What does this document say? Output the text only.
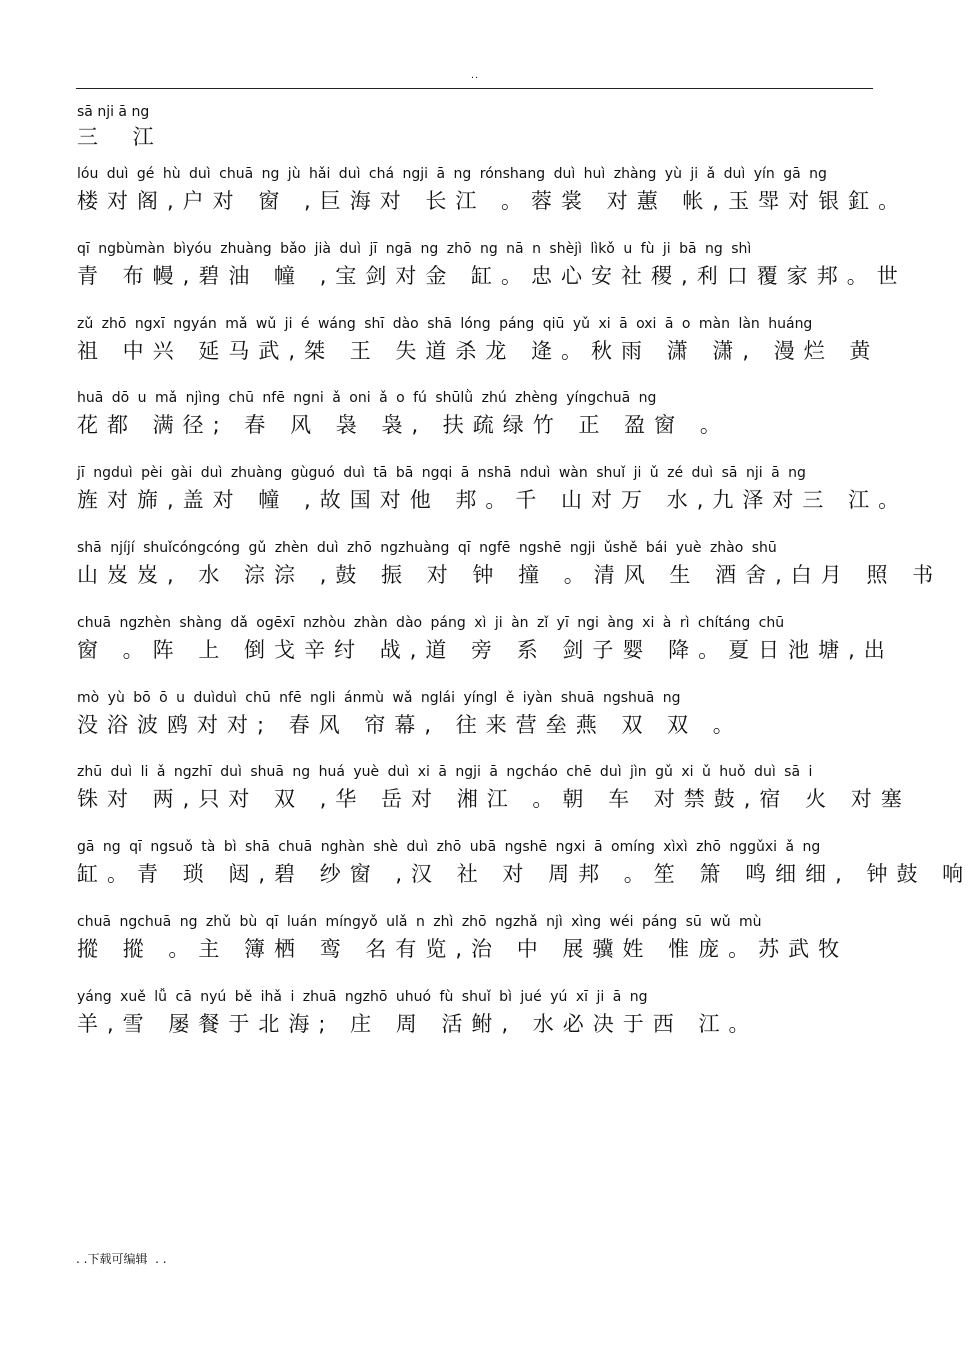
..
sā nji ā ng
三 江
lóu duì gé hù duì chuā ng jù hǎi duì chá ngji ā ng rónshang duì huì zhàng yù ji ǎ duì yín gā ng
楼对阁,户对 窗 ,巨海对 长江 。蓉裳 对蕙 帐,玉斝对银釭。
qī ngbùmàn bìyóu zhuàng bǎo jià duì jī ngā ng zhō ng nā n shèjì lìkǒ u fù ji bā ng shì
青 布幔,碧油 幢 ,宝剑对金 缸。忠心安社稷,利口覆家邦。世
zǔ zhō ngxī ngyán mǎ wǔ ji é wáng shī dào shā lóng páng qiū yǔ xi ā oxi ā o màn làn huáng
祖 中兴 延马武,桀 王 失道杀龙 逄。秋雨 潇 潇, 漫烂 黄
huā dō u mǎ njìng chū nfē ngni ǎ oni ǎ o fú shūlǜ zhú zhèng yíngchuā ng
花都 满径; 春 风 袅 袅, 扶疏绿竹 正 盈窗 。
jī ngduì pèi gài duì zhuàng gùguó duì tā bā ngqi ā nshā nduì wàn shuǐ ji ǔ zé duì sā nji ā ng
旌对旆,盖对 幢 ,故国对他 邦。千 山对万 水,九泽对三 江。
shā njíjí shuǐcóngcóng gǔ zhèn duì zhō ngzhuàng qī ngfē ngshē ngji ǔshě bái yuè zhào shū
山岌岌, 水 淙淙 ,鼓 振 对 钟 撞 。清风 生 酒舍,白月 照 书
chuā ngzhèn shàng dǎ ogēxī nzhòu zhàn dào páng xì ji àn zǐ yī ngi àng xi à rì chítáng chū
窗 。阵 上 倒戈辛纣 战,道 旁 系 剑子婴 降。夏日池塘,出
mò yù bō ō u duìduì chū nfē ngli ánmù wǎ nglái yíngl ě iyàn shuā ngshuā ng
没浴波鸥对对; 春风 帘幕, 往来营垒燕 双 双 。
zhū duì li ǎ ngzhī duì shuā ng huá yuè duì xi ā ngji ā ngcháo chē duì jìn gǔ xi ǔ huǒ duì sā i
铢对 两,只对 双 ,华 岳对 湘江 。朝 车 对禁鼓,宿 火 对塞
gā ng qī ngsuǒ tà bì shā chuā nghàn shè duì zhō ubā ngshē ngxi ā omíng xìxì zhō nggǔxi ǎ ng
缸。青 琐 闼,碧 纱窗 ,汉 社 对 周邦 。笙 箫 鸣细细, 钟鼓 响
chuā ngchuā ng zhǔ bù qī luán míngyǒ ulǎ n zhì zhō ngzhǎ njì xìng wéi páng sū wǔ mù
摐 摐 。主 簿栖 鸾 名有览,治 中 展骥姓 惟庞。苏武牧
yáng xuě lǚ cā nyú bě ihǎ i zhuā ngzhō uhuó fù shuǐ bì jué yú xī ji ā ng
羊,雪 屡餐于北海; 庄 周 活鲋, 水必决于西 江。
. .下载可编辑  . .
